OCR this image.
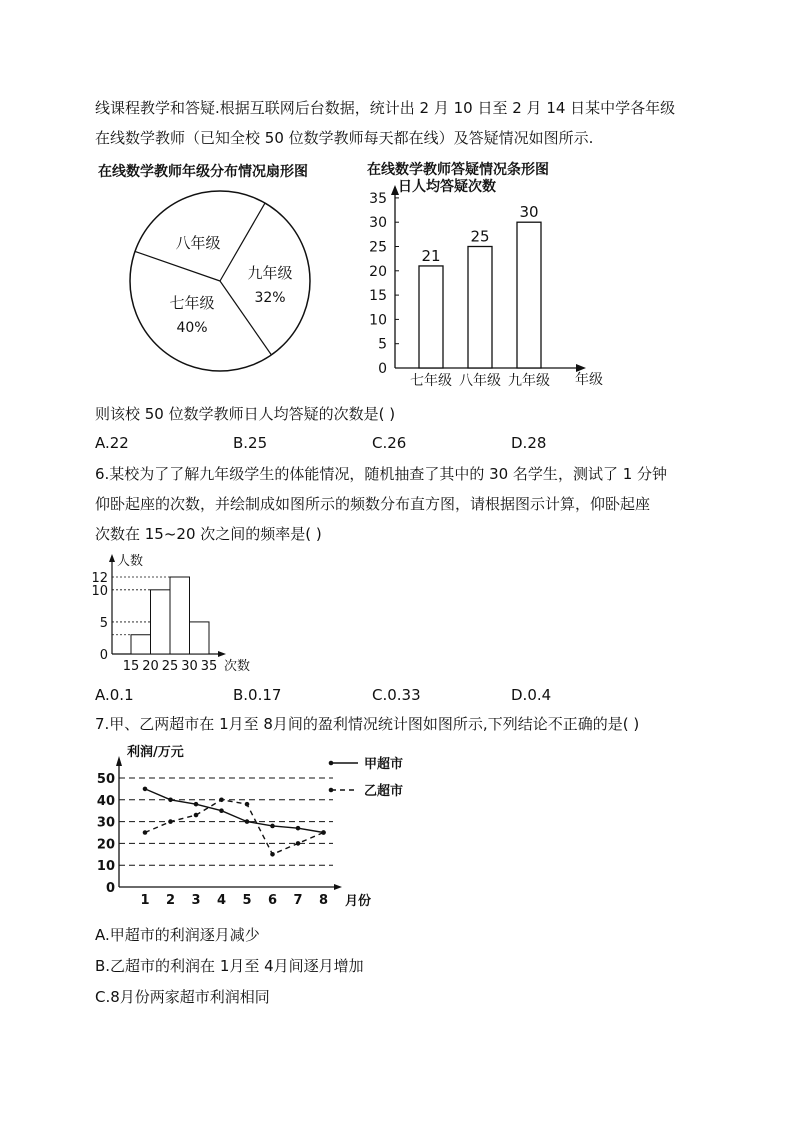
线课程教学和答疑.根据互联网后台数据，统计出 2 月 10 日至 2 月 14 日某中学各年级
在线数学教师（已知全校 50 位数学教师每天都在线）及答疑情况如图所示.
在线数学教师年级分布情况扇形图
七年级
40%
八年级
九年级
32%
在线数学教师答疑情况条形图
日人均答疑次数
年级
0
5
10
15
20
25
30
35
21
七年级
25
八年级
30
九年级
人数
次数
0
5
10
12
15 20 25 30 35
利润/万元
月份
0
10
20
30
40
50
1 2 3 4 5 6 7 8
甲超市
乙超市
则该校 50 位数学教师日人均答疑的次数是( )
A.22	B.25	C.26	D.28
6.某校为了了解九年级学生的体能情况，随机抽查了其中的 30 名学生，测试了 1 分钟
仰卧起座的次数，并绘制成如图所示的频数分布直方图，请根据图示计算，仰卧起座
次数在 15~20 次之间的频率是( )
A.0.1	B.0.17	C.0.33	D.0.4
7.甲、乙两超市在 1月至 8月间的盈利情况统计图如图所示,下列结论不正确的是( )
A.甲超市的利润逐月减少
B.乙超市的利润在 1月至 4月间逐月增加
C.8月份两家超市利润相同
